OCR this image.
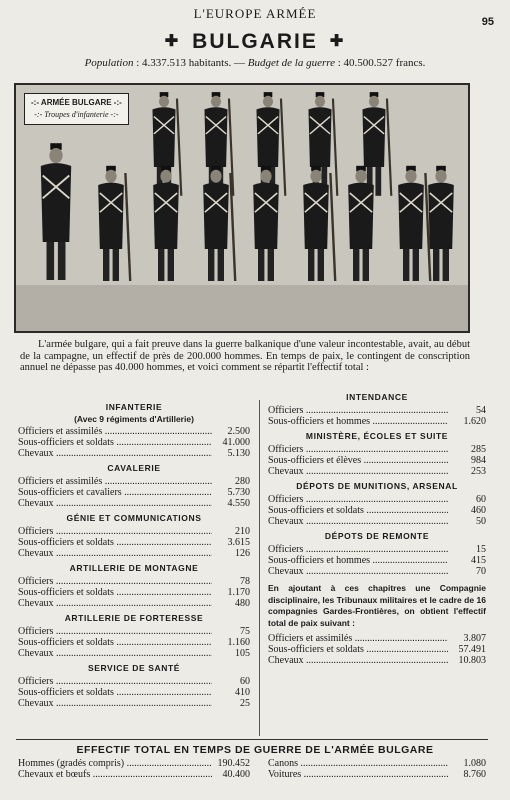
L'EUROPE ARMÉE
95
✚ BULGARIE ✚
Population : 4.337.513 habitants. — Budget de la guerre : 40.500.527 francs.
-:- ARMÉE BULGARE -:-
-:- Troupes d'infanterie -:-
L'armée bulgare, qui a fait preuve dans la guerre balkanique d'une valeur incontestable, avait, au début de la campagne, un effectif de près de 200.000 hommes. En temps de paix, le contingent de conscription annuel ne dépasse pas 40.000 hommes, et voici comment se répartit l'effectif total :
INFANTERIE
(Avec 9 régiments d'Artillerie)
Officiers et assimilés .....	2.500
Sous-officiers et soldats .....	41.000
Chevaux .....	5.130
CAVALERIE
Officiers et assimilés .....	280
Sous-officiers et cavaliers .....	5.730
Chevaux .....	4.550
GÉNIE ET COMMUNICATIONS
Officiers .....	210
Sous-officiers et soldats .....	3.615
Chevaux .....	126
ARTILLERIE DE MONTAGNE
Officiers .....	78
Sous-officiers et soldats .....	1.170
Chevaux .....	480
ARTILLERIE DE FORTERESSE
Officiers .....	75
Sous-officiers et soldats .....	1.160
Chevaux .....	105
SERVICE DE SANTÉ
Officiers .....	60
Sous-officiers et soldats .....	410
Chevaux .....	25
INTENDANCE
Officiers .....	54
Sous-officiers et hommes .....	1.620
MINISTÈRE, ÉCOLES ET SUITE
Officiers .....	285
Sous-officiers et élèves .....	984
Chevaux .....	253
DÉPOTS DE MUNITIONS, ARSENAL
Officiers .....	60
Sous-officiers et soldats .....	460
Chevaux .....	50
DÉPOTS DE REMONTE
Officiers .....	15
Sous-officiers et hommes .....	415
Chevaux .....	70
En ajoutant à ces chapitres une Compagnie disciplinaire, les Tribunaux militaires et le cadre de 16 compagnies Gardes-Frontières, on obtient l'effectif total de paix suivant :
Officiers et assimilés .....	3.807
Sous-officiers et soldats .....	57.491
Chevaux .....	10.803
EFFECTIF TOTAL EN TEMPS DE GUERRE DE L'ARMÉE BULGARE
Hommes (gradés compris) .....	190.452
Chevaux et bœufs .....	40.400
Canons .....	1.080
Voitures .....	8.760
